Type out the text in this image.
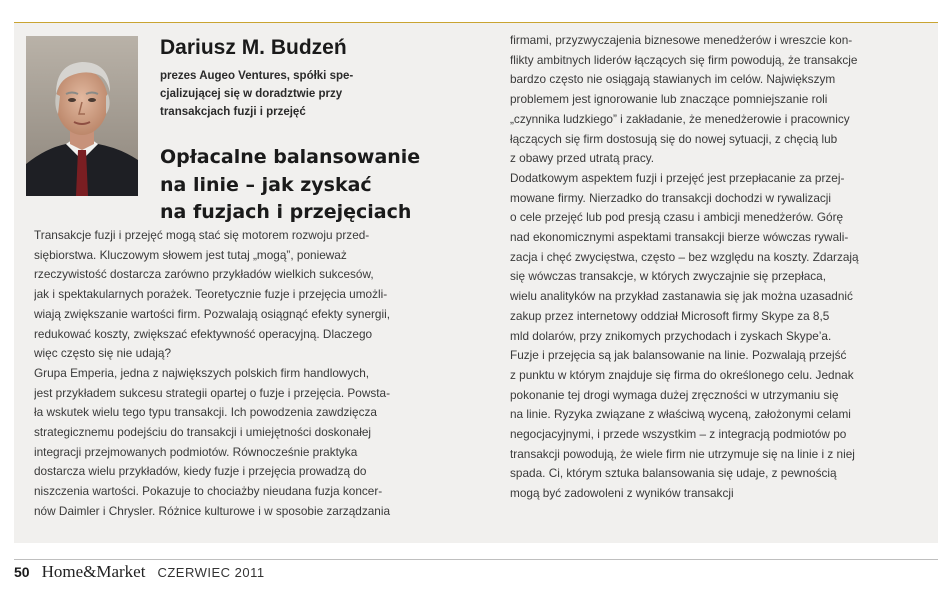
Dariusz M. Budzeń
prezes Augeo Ventures, spółki spe-
cjalizującej się w doradztwie przy
transakcjach fuzji i przejęć
Opłacalne balansowanie
na linie – jak zyskać
na fuzjach i przejęciach
Transakcje fuzji i przejęć mogą stać się motorem rozwoju przed-
siębiorstwa. Kluczowym słowem jest tutaj „mogą”, ponieważ
rzeczywistość dostarcza zarówno przykładów wielkich sukcesów,
jak i spektakularnych porażek. Teoretycznie fuzje i przejęcia umożli-
wiają zwiększanie wartości firm. Pozwalają osiągnąć efekty synergii,
redukować koszty, zwiększać efektywność operacyjną. Dlaczego
więc często się nie udają?
Grupa Emperia, jedna z największych polskich firm handlowych,
jest przykładem sukcesu strategii opartej o fuzje i przejęcia. Powsta-
ła wskutek wielu tego typu transakcji. Ich powodzenia zawdzięcza
strategicznemu podejściu do transakcji i umiejętności doskonałej
integracji przejmowanych podmiotów. Równocześnie praktyka
dostarcza wielu przykładów, kiedy fuzje i przejęcia prowadzą do
niszczenia wartości. Pokazuje to chociażby nieudana fuzja koncer-
nów Daimler i Chrysler. Różnice kulturowe i w sposobie zarządzania
firmami, przyzwyczajenia biznesowe menedżerów i wreszcie kon-
flikty ambitnych liderów łączących się firm powodują, że transakcje
bardzo często nie osiągają stawianych im celów. Największym
problemem jest ignorowanie lub znaczące pomniejszanie roli
„czynnika ludzkiego” i zakładanie, że menedżerowie i pracownicy
łączących się firm dostosują się do nowej sytuacji, z chęcią lub
z obawy przed utratą pracy.
Dodatkowym aspektem fuzji i przejęć jest przepłacanie za przej-
mowane firmy. Nierzadko do transakcji dochodzi w rywalizacji
o cele przejęć lub pod presją czasu i ambicji menedżerów. Górę
nad ekonomicznymi aspektami transakcji bierze wówczas rywali-
zacja i chęć zwycięstwa, często – bez względu na koszty. Zdarzają
się wówczas transakcje, w których zwyczajnie się przepłaca,
wielu analityków na przykład zastanawia się jak można uzasadnić
zakup przez internetowy oddział Microsoft firmy Skype za 8,5
mld dolarów, przy znikomych przychodach i zyskach Skype’a.
Fuzje i przejęcia są jak balansowanie na linie. Pozwalają przejść
z punktu w którym znajduje się firma do określonego celu. Jednak
pokonanie tej drogi wymaga dużej zręczności w utrzymaniu się
na linie. Ryzyka związane z właściwą wyceną, założonymi celami
negocjacyjnymi, i przede wszystkim – z integracją podmiotów po
transakcji powodują, że wiele firm nie utrzymuje się na linie i z niej
spada. Ci, którym sztuka balansowania się udaje, z pewnością
mogą być zadowoleni z wyników transakcji
50 Home&Market CZERWIEC 2011
